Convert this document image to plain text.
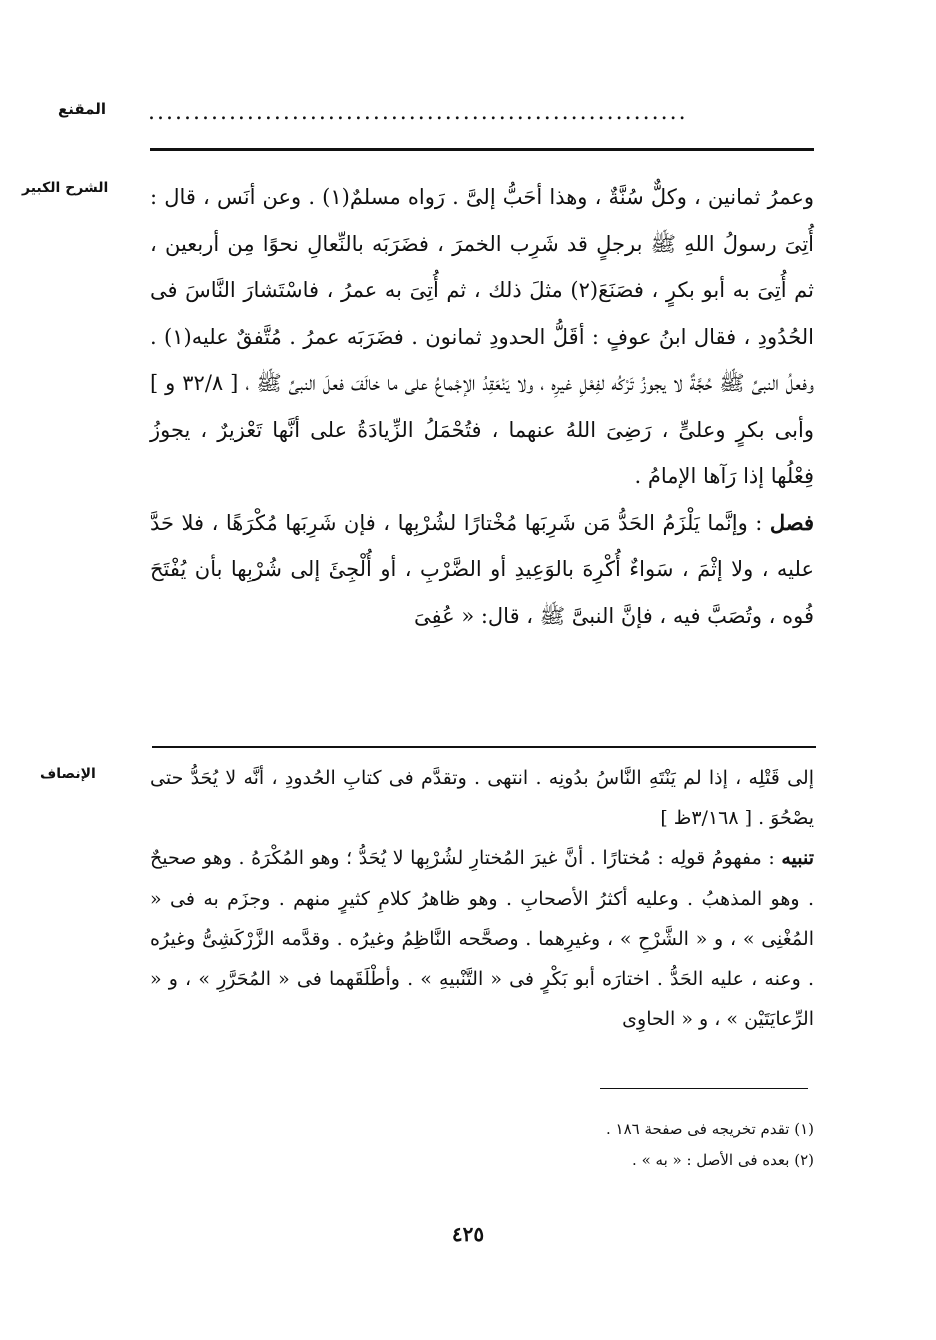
المقنع	............................................................
الشرح الكبير	وعمرُ ثمانين ، وكلٌّ سُنَّةٌ ، وهذا أحَبُّ إلىَّ . رَواه مسلمٌ(١) . وعن أنَس ، قال : أُتِىَ رسولُ اللهِ ﷺ برجلٍ قد شَرِب الخمرَ ، فضَرَبَه بالنِّعالِ نحوًا مِن أربعين ، ثم أُتِىَ به أبو بكرٍ ، فصَنَعَ(٢) مثلَ ذلك ، ثم أُتِىَ به عمرُ ، فاسْتَشارَ النَّاسَ فى الحُدُودِ ، فقال ابنُ عوفٍ : أقَلُّ الحدودِ ثمانون . فضَرَبَه عمرُ . مُتَّفقٌ عليه(١) . وفعلُ النبىِّ ﷺ حُجَّةٌ لا يجوزُ تَرْكُه لفِعْلِ غيرِه ، ولا يَنْعَقِدُ الإجْماعُ على ما خالَفَ فعلَ النبىِّ ﷺ ، [ ٣٢/٨ و ] وأبى بكرٍ وعلىٍّ ، رَضِىَ اللهُ عنهما ، فتُحْمَلُ الزِّيادَةُ على أنَّها تَعْزيرٌ ، يجوزُ فِعْلُها إذا رَآها الإمامُ .

فصل : وإنَّما يَلْزَمُ الحَدُّ مَن شَرِبَها مُخْتارًا لشُرْبِها ، فإن شَرِبَها مُكْرَهًا ، فلا حَدَّ عليه ، ولا إثْمَ ، سَواءٌ أُكْرِهَ بالوَعِيدِ أو الضَّرْبِ ، أو أُلْجِئَ إلى شُرْبِها بأن يُفْتَحَ فُوه ، وتُصَبَّ فيه ، فإنَّ النبىَّ ﷺ ، قال: « عُفِىَ

الإنصاف	إلى قَتْلِه ، إذا لم يَنْتَهِ النَّاسُ بدُونِه . انتهى . وتقدَّم فى كتابِ الحُدودِ ، أنَّه لا يُحَدُّ حتى يصْحُوَ . [ ٣/١٦٨ظ ]

تنبيه : مفهومُ قولِه : مُختارًا . أنَّ غيرَ المُختارِ لشُرْبِها لا يُحَدُّ ؛ وهو المُكْرَهُ . وهو صحيحٌ . وهو المذهبُ . وعليه أكثرُ الأصحابِ . وهو ظاهرُ كلامِ كثيرٍ منهم . وجزَم به فى « المُغْنِى » ، و « الشَّرْحِ » ، وغيرِهما . وصحَّحه النَّاظِمُ وغيرُه . وقدَّمه الزَّرْكَشِىُّ وغيرُه . وعنه ، عليه الحَدُّ . اختارَه أبو بَكْرٍ فى « التَّنْبيهِ » . وأطْلَقَهما فى « المُحَرَّرِ » ، و « الرِّعايَتَيْن » ، و « الحاوِى

(١) تقدم تخريجه فى صفحة ١٨٦ .
(٢) بعده فى الأصل : « به » .
٤٢٥
